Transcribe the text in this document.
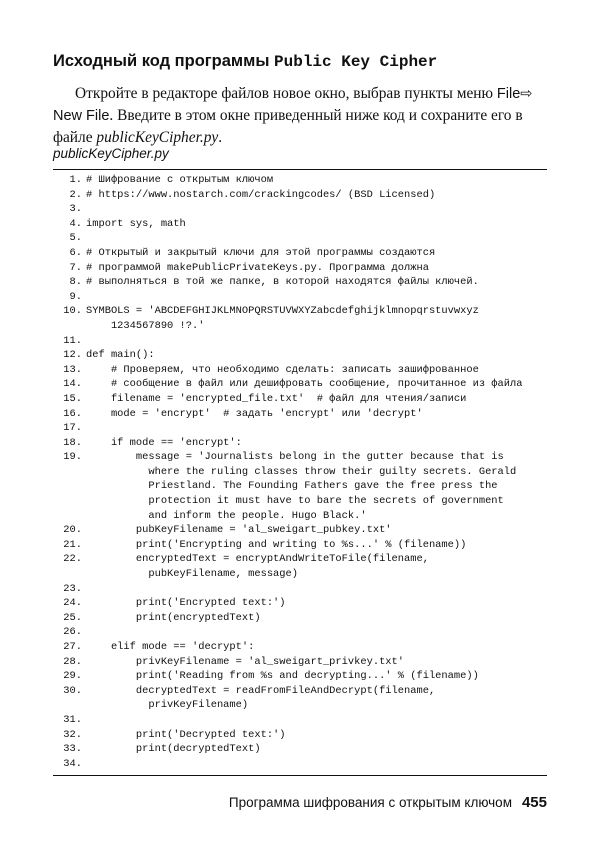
Исходный код программы Public Key Cipher
Откройте в редакторе файлов новое окно, выбрав пункты меню File⇨ New File. Введите в этом окне приведенный ниже код и сохраните его в файле publicKeyCipher.py.
publicKeyCipher.py
1. # Шифрование с открытым ключом
2. # https://www.nostarch.com/crackingcodes/ (BSD Licensed)
3.
4. import sys, math
5.
6. # Открытый и закрытый ключи для этой программы создаются
7. # программой makePublicPrivateKeys.py. Программа должна
8. # выполняться в той же папке, в которой находятся файлы ключей.
9.
10. SYMBOLS = 'ABCDEFGHIJKLMNOPQRSTUVWXYZabcdefghijklmnopqrstuvwxyz
1234567890 !?.'
11.
12. def main():
13. # Проверяем, что необходимо сделать: записать зашифрованное
14. # сообщение в файл или дешифровать сообщение, прочитанное из файла
15. filename = 'encrypted_file.txt'  # файл для чтения/записи
16. mode = 'encrypt'  # задать 'encrypt' или 'decrypt'
17.
18. if mode == 'encrypt':
19. message = 'Journalists belong in the gutter because that is
where the ruling classes throw their guilty secrets. Gerald
Priestland. The Founding Fathers gave the free press the
protection it must have to bare the secrets of government
and inform the people. Hugo Black.'
20. pubKeyFilename = 'al_sweigart_pubkey.txt'
21. print('Encrypting and writing to %s...' % (filename))
22. encryptedText = encryptAndWriteToFile(filename,
pubKeyFilename, message)
23.
24. print('Encrypted text:')
25. print(encryptedText)
26.
27. elif mode == 'decrypt':
28. privKeyFilename = 'al_sweigart_privkey.txt'
29. print('Reading from %s and decrypting...' % (filename))
30. decryptedText = readFromFileAndDecrypt(filename,
privKeyFilename)
31.
32. print('Decrypted text:')
33. print(decryptedText)
34.
Программа шифрования с открытым ключом 455
